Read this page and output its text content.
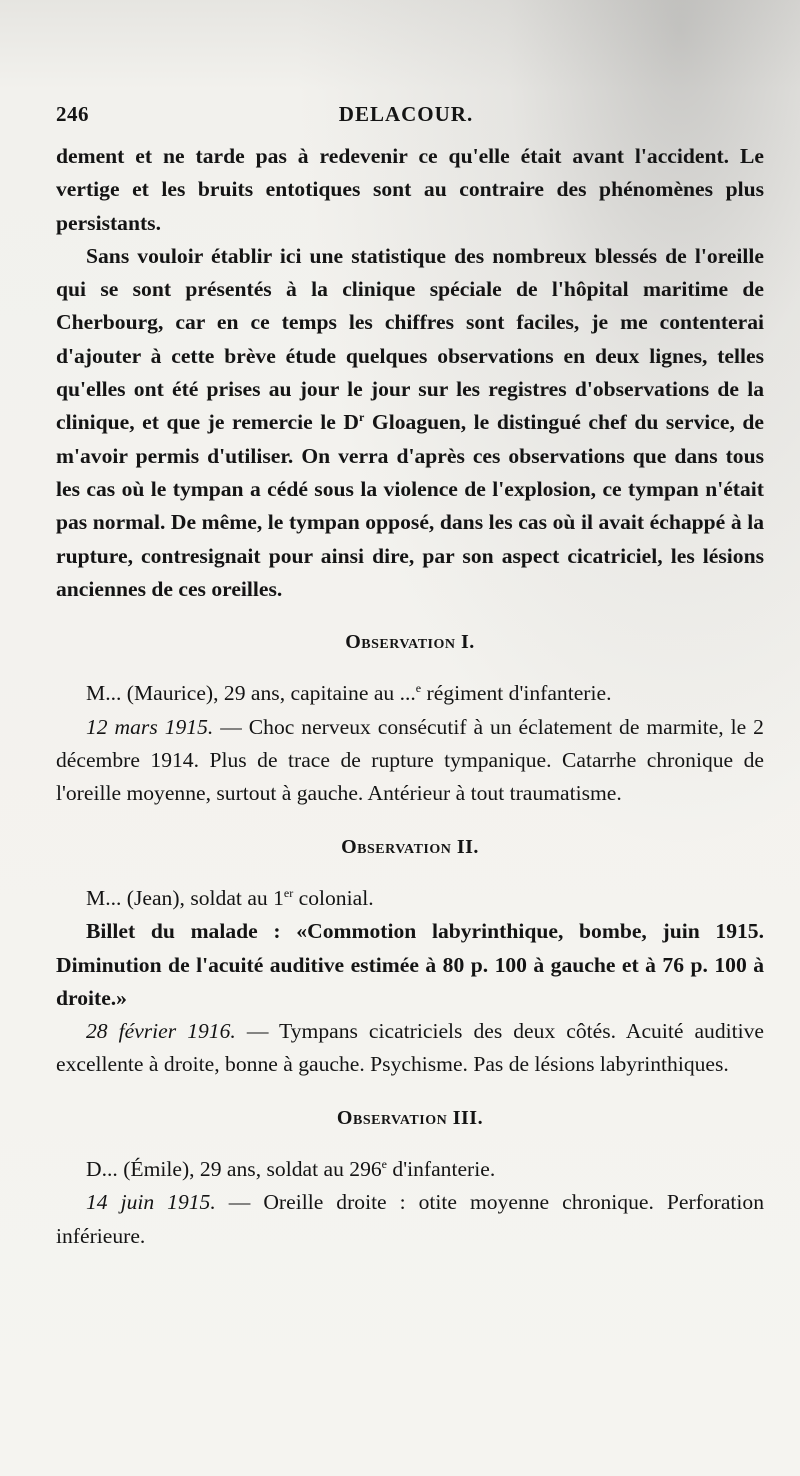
246	DELACOUR.

dement et ne tarde pas à redevenir ce qu'elle était avant l'accident. Le vertige et les bruits entotiques sont au contraire des phénomènes plus persistants.

Sans vouloir établir ici une statistique des nombreux blessés de l'oreille qui se sont présentés à la clinique spéciale de l'hôpital maritime de Cherbourg, car en ce temps les chiffres sont faciles, je me contenterai d'ajouter à cette brève étude quelques observations en deux lignes, telles qu'elles ont été prises au jour le jour sur les registres d'observations de la clinique, et que je remercie le $D^r$ Gloaguen, le distingué chef du service, de m'avoir permis d'utiliser. On verra d'après ces observations que dans tous les cas où le tympan a cédé sous la violence de l'explosion, ce tympan n'était pas normal. De même, le tympan opposé, dans les cas où il avait échappé à la rupture, contresignait pour ainsi dire, par son aspect cicatriciel, les lésions anciennes de ces oreilles.

Observation I.

M... (Maurice), 29 ans, capitaine au ...$^e$ régiment d'infanterie.

12 mars 1915. — Choc nerveux consécutif à un éclatement de marmite, le 2 décembre 1914. Plus de trace de rupture tympanique. Catarrhe chronique de l'oreille moyenne, surtout à gauche. Antérieur à tout traumatisme.

Observation II.

M... (Jean), soldat au 1er colonial.

Billet du malade : «Commotion labyrinthique, bombe, juin 1915. Diminution de l'acuité auditive estimée à 80 p. 100 à gauche et à 76 p. 100 à droite.»

28 février 1916. — Tympans cicatriciels des deux côtés. Acuité auditive excellente à droite, bonne à gauche. Psychisme. Pas de lésions labyrinthiques.

Observation III.

D... (Émile), 29 ans, soldat au 296e d'infanterie.

14 juin 1915. — Oreille droite : otite moyenne chronique. Perforation inférieure.
